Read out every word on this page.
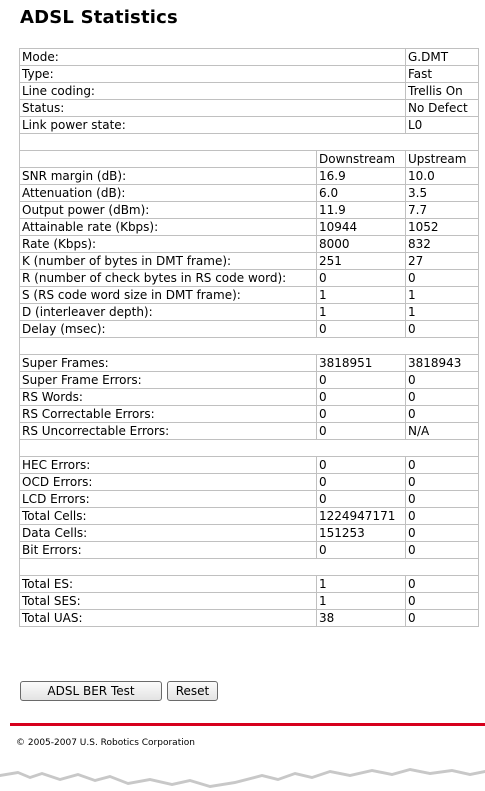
ADSL Statistics
Mode:		G.DMT
Type:		Fast
Line coding:		Trellis On
Status:		No Defect
Link power state:		L0

	Downstream	Upstream
SNR margin (dB):	16.9	10.0
Attenuation (dB):	6.0	3.5
Output power (dBm):	11.9	7.7
Attainable rate (Kbps):	10944	1052
Rate (Kbps):	8000	832
K (number of bytes in DMT frame):	251	27
R (number of check bytes in RS code word):	0	0
S (RS code word size in DMT frame):	1	1
D (interleaver depth):	1	1
Delay (msec):	0	0

Super Frames:	3818951	3818943
Super Frame Errors:	0	0
RS Words:	0	0
RS Correctable Errors:	0	0
RS Uncorrectable Errors:	0	N/A

HEC Errors:	0	0
OCD Errors:	0	0
LCD Errors:	0	0
Total Cells:	1224947171	0
Data Cells:	151253	0
Bit Errors:	0	0

Total ES:	1	0
Total SES:	1	0
Total UAS:	38	0
ADSL BER Test	Reset
© 2005-2007 U.S. Robotics Corporation
